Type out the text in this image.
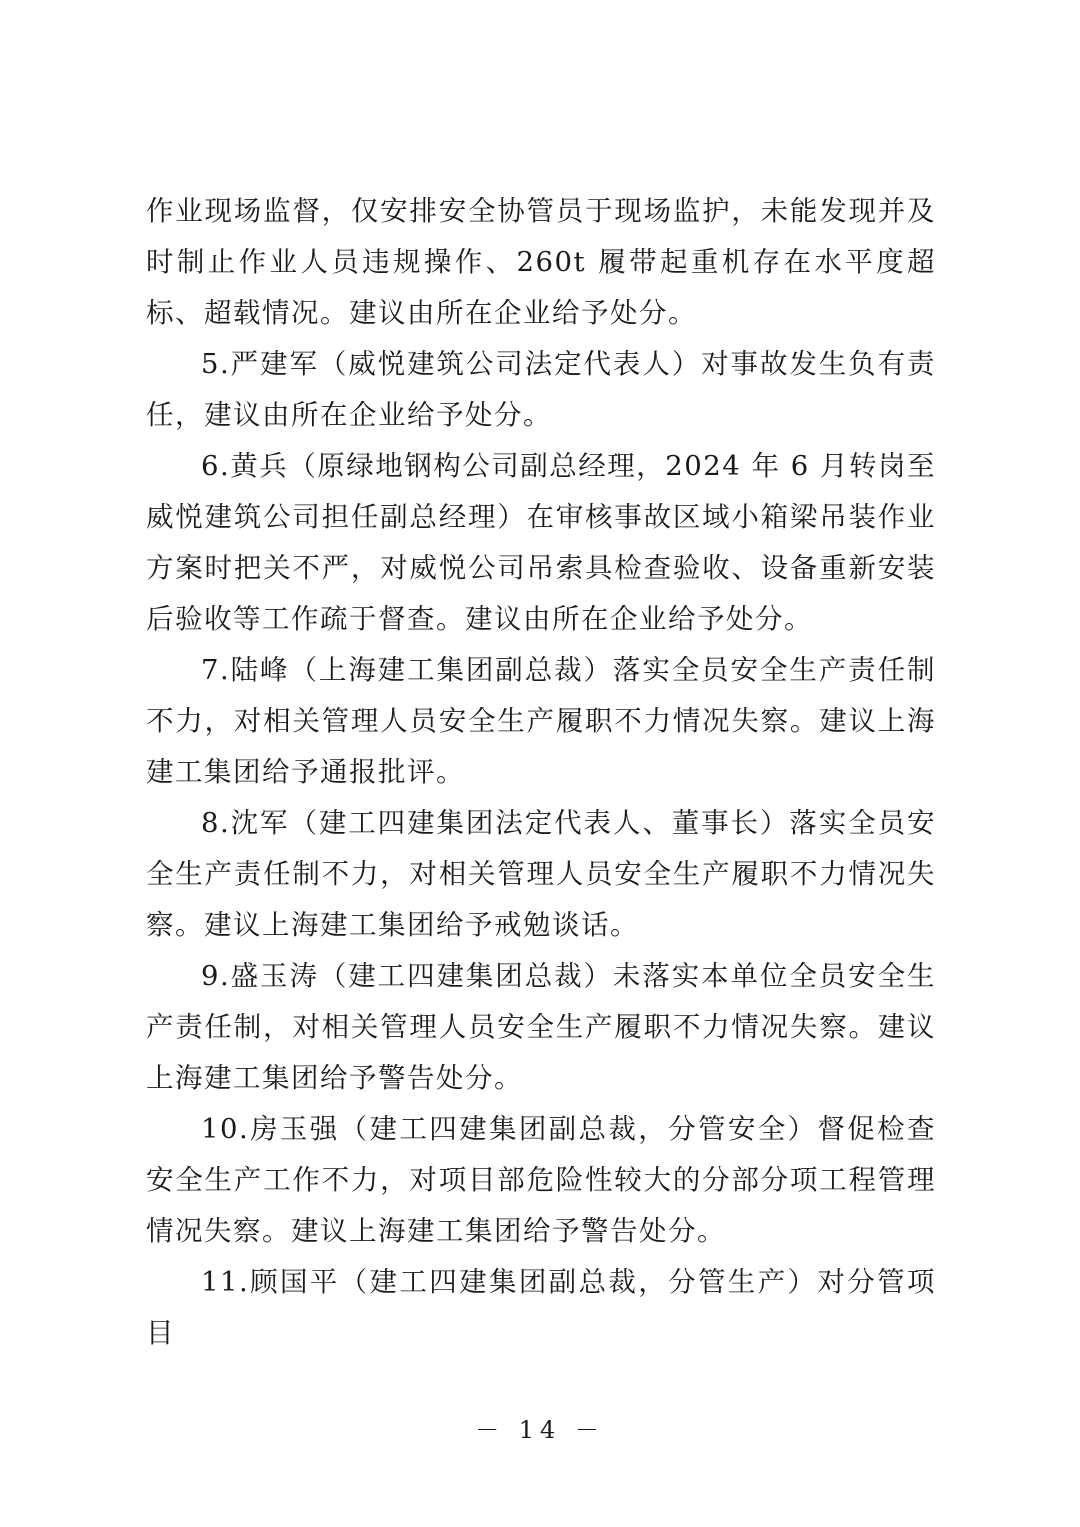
作业现场监督，仅安排安全协管员于现场监护，未能发现并及时制止作业人员违规操作、260t 履带起重机存在水平度超标、超载情况。建议由所在企业给予处分。

5.严建军（威悦建筑公司法定代表人）对事故发生负有责任，建议由所在企业给予处分。

6.黄兵（原绿地钢构公司副总经理，2024 年 6 月转岗至威悦建筑公司担任副总经理）在审核事故区域小箱梁吊装作业方案时把关不严，对威悦公司吊索具检查验收、设备重新安装后验收等工作疏于督查。建议由所在企业给予处分。

7.陆峰（上海建工集团副总裁）落实全员安全生产责任制不力，对相关管理人员安全生产履职不力情况失察。建议上海建工集团给予通报批评。

8.沈军（建工四建集团法定代表人、董事长）落实全员安全生产责任制不力，对相关管理人员安全生产履职不力情况失察。建议上海建工集团给予戒勉谈话。

9.盛玉涛（建工四建集团总裁）未落实本单位全员安全生产责任制，对相关管理人员安全生产履职不力情况失察。建议上海建工集团给予警告处分。

10.房玉强（建工四建集团副总裁，分管安全）督促检查安全生产工作不力，对项目部危险性较大的分部分项工程管理情况失察。建议上海建工集团给予警告处分。

11.顾国平（建工四建集团副总裁，分管生产）对分管项目

－ 14 －
